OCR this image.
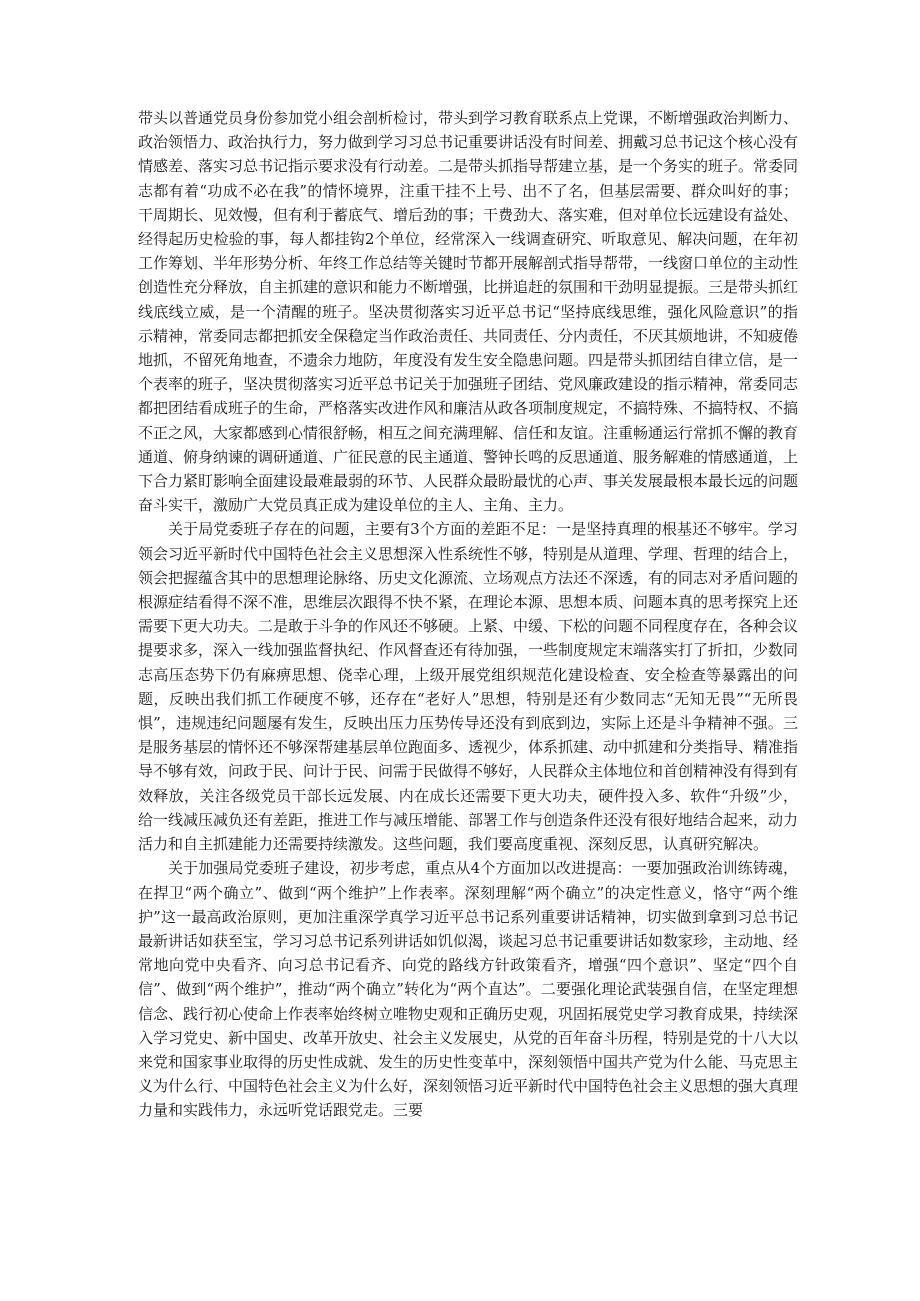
带头以普通党员身份参加党小组会剖析检讨，带头到学习教育联系点上党课，不断增强政治判断力、政治领悟力、政治执行力，努力做到学习习总书记重要讲话没有时间差、拥戴习总书记这个核心没有情感差、落实习总书记指示要求没有行动差。二是带头抓指导帮建立基，是一个务实的班子。常委同志都有着“功成不必在我”的情怀境界，注重干挂不上号、出不了名，但基层需要、群众叫好的事；干周期长、见效慢，但有利于蓄底气、增后劲的事；干费劲大、落实难，但对单位长远建设有益处、经得起历史检验的事，每人都挂钩2个单位，经常深入一线调查研究、听取意见、解决问题，在年初工作筹划、半年形势分析、年终工作总结等关键时节都开展解剖式指导帮带，一线窗口单位的主动性创造性充分释放，自主抓建的意识和能力不断增强，比拼追赶的氛围和干劲明显提振。三是带头抓红线底线立威，是一个清醒的班子。坚决贯彻落实习近平总书记“坚持底线思维，强化风险意识”的指示精神，常委同志都把抓安全保稳定当作政治责任、共同责任、分内责任，不厌其烦地讲，不知疲倦地抓，不留死角地查，不遗余力地防，年度没有发生安全隐患问题。四是带头抓团结自律立信，是一个表率的班子，坚决贯彻落实习近平总书记关于加强班子团结、党风廉政建设的指示精神，常委同志都把团结看成班子的生命，严格落实改进作风和廉洁从政各项制度规定，不搞特殊、不搞特权、不搞不正之风，大家都感到心情很舒畅，相互之间充满理解、信任和友谊。注重畅通运行常抓不懈的教育通道、俯身纳谏的调研通道、广征民意的民主通道、警钟长鸣的反思通道、服务解难的情感通道，上下合力紧盯影响全面建设最难最弱的环节、人民群众最盼最忧的心声、事关发展最根本最长远的问题奋斗实干，激励广大党员真正成为建设单位的主人、主角、主力。

关于局党委班子存在的问题，主要有3个方面的差距不足：一是坚持真理的根基还不够牢。学习领会习近平新时代中国特色社会主义思想深入性系统性不够，特别是从道理、学理、哲理的结合上，领会把握蕴含其中的思想理论脉络、历史文化源流、立场观点方法还不深透，有的同志对矛盾问题的根源症结看得不深不准，思维层次跟得不快不紧，在理论本源、思想本质、问题本真的思考探究上还需要下更大功夫。二是敢于斗争的作风还不够硬。上紧、中缓、下松的问题不同程度存在，各种会议提要求多，深入一线加强监督执纪、作风督查还有待加强，一些制度规定末端落实打了折扣，少数同志高压态势下仍有麻痹思想、侥幸心理，上级开展党组织规范化建设检查、安全检查等暴露出的问题，反映出我们抓工作硬度不够，还存在“老好人”思想，特别是还有少数同志“无知无畏”“无所畏惧”，违规违纪问题屡有发生，反映出压力压势传导还没有到底到边，实际上还是斗争精神不强。三是服务基层的情怀还不够深帮建基层单位跑面多、透视少，体系抓建、动中抓建和分类指导、精准指导不够有效，问政于民、问计于民、问需于民做得不够好，人民群众主体地位和首创精神没有得到有效释放，关注各级党员干部长远发展、内在成长还需要下更大功夫，硬件投入多、软件“升级”少，给一线减压减负还有差距，推进工作与减压增能、部署工作与创造条件还没有很好地结合起来，动力活力和自主抓建能力还需要持续激发。这些问题，我们要高度重视、深刻反思，认真研究解决。

关于加强局党委班子建设，初步考虑，重点从4个方面加以改进提高：一要加强政治训练铸魂，在捍卫“两个确立”、做到“两个维护”上作表率。深刻理解“两个确立”的决定性意义，恪守“两个维护”这一最高政治原则，更加注重深学真学习近平总书记系列重要讲话精神，切实做到拿到习总书记最新讲话如获至宝，学习习总书记系列讲话如饥似渴，谈起习总书记重要讲话如数家珍，主动地、经常地向党中央看齐、向习总书记看齐、向党的路线方针政策看齐，增强“四个意识”、坚定“四个自信”、做到“两个维护”，推动“两个确立”转化为“两个直达”。二要强化理论武装强自信，在坚定理想信念、践行初心使命上作表率始终树立唯物史观和正确历史观，巩固拓展党史学习教育成果，持续深入学习党史、新中国史、改革开放史、社会主义发展史，从党的百年奋斗历程，特别是党的十八大以来党和国家事业取得的历史性成就、发生的历史性变革中，深刻领悟中国共产党为什么能、马克思主义为什么行、中国特色社会主义为什么好，深刻领悟习近平新时代中国特色社会主义思想的强大真理力量和实践伟力，永远听党话跟党走。三要
